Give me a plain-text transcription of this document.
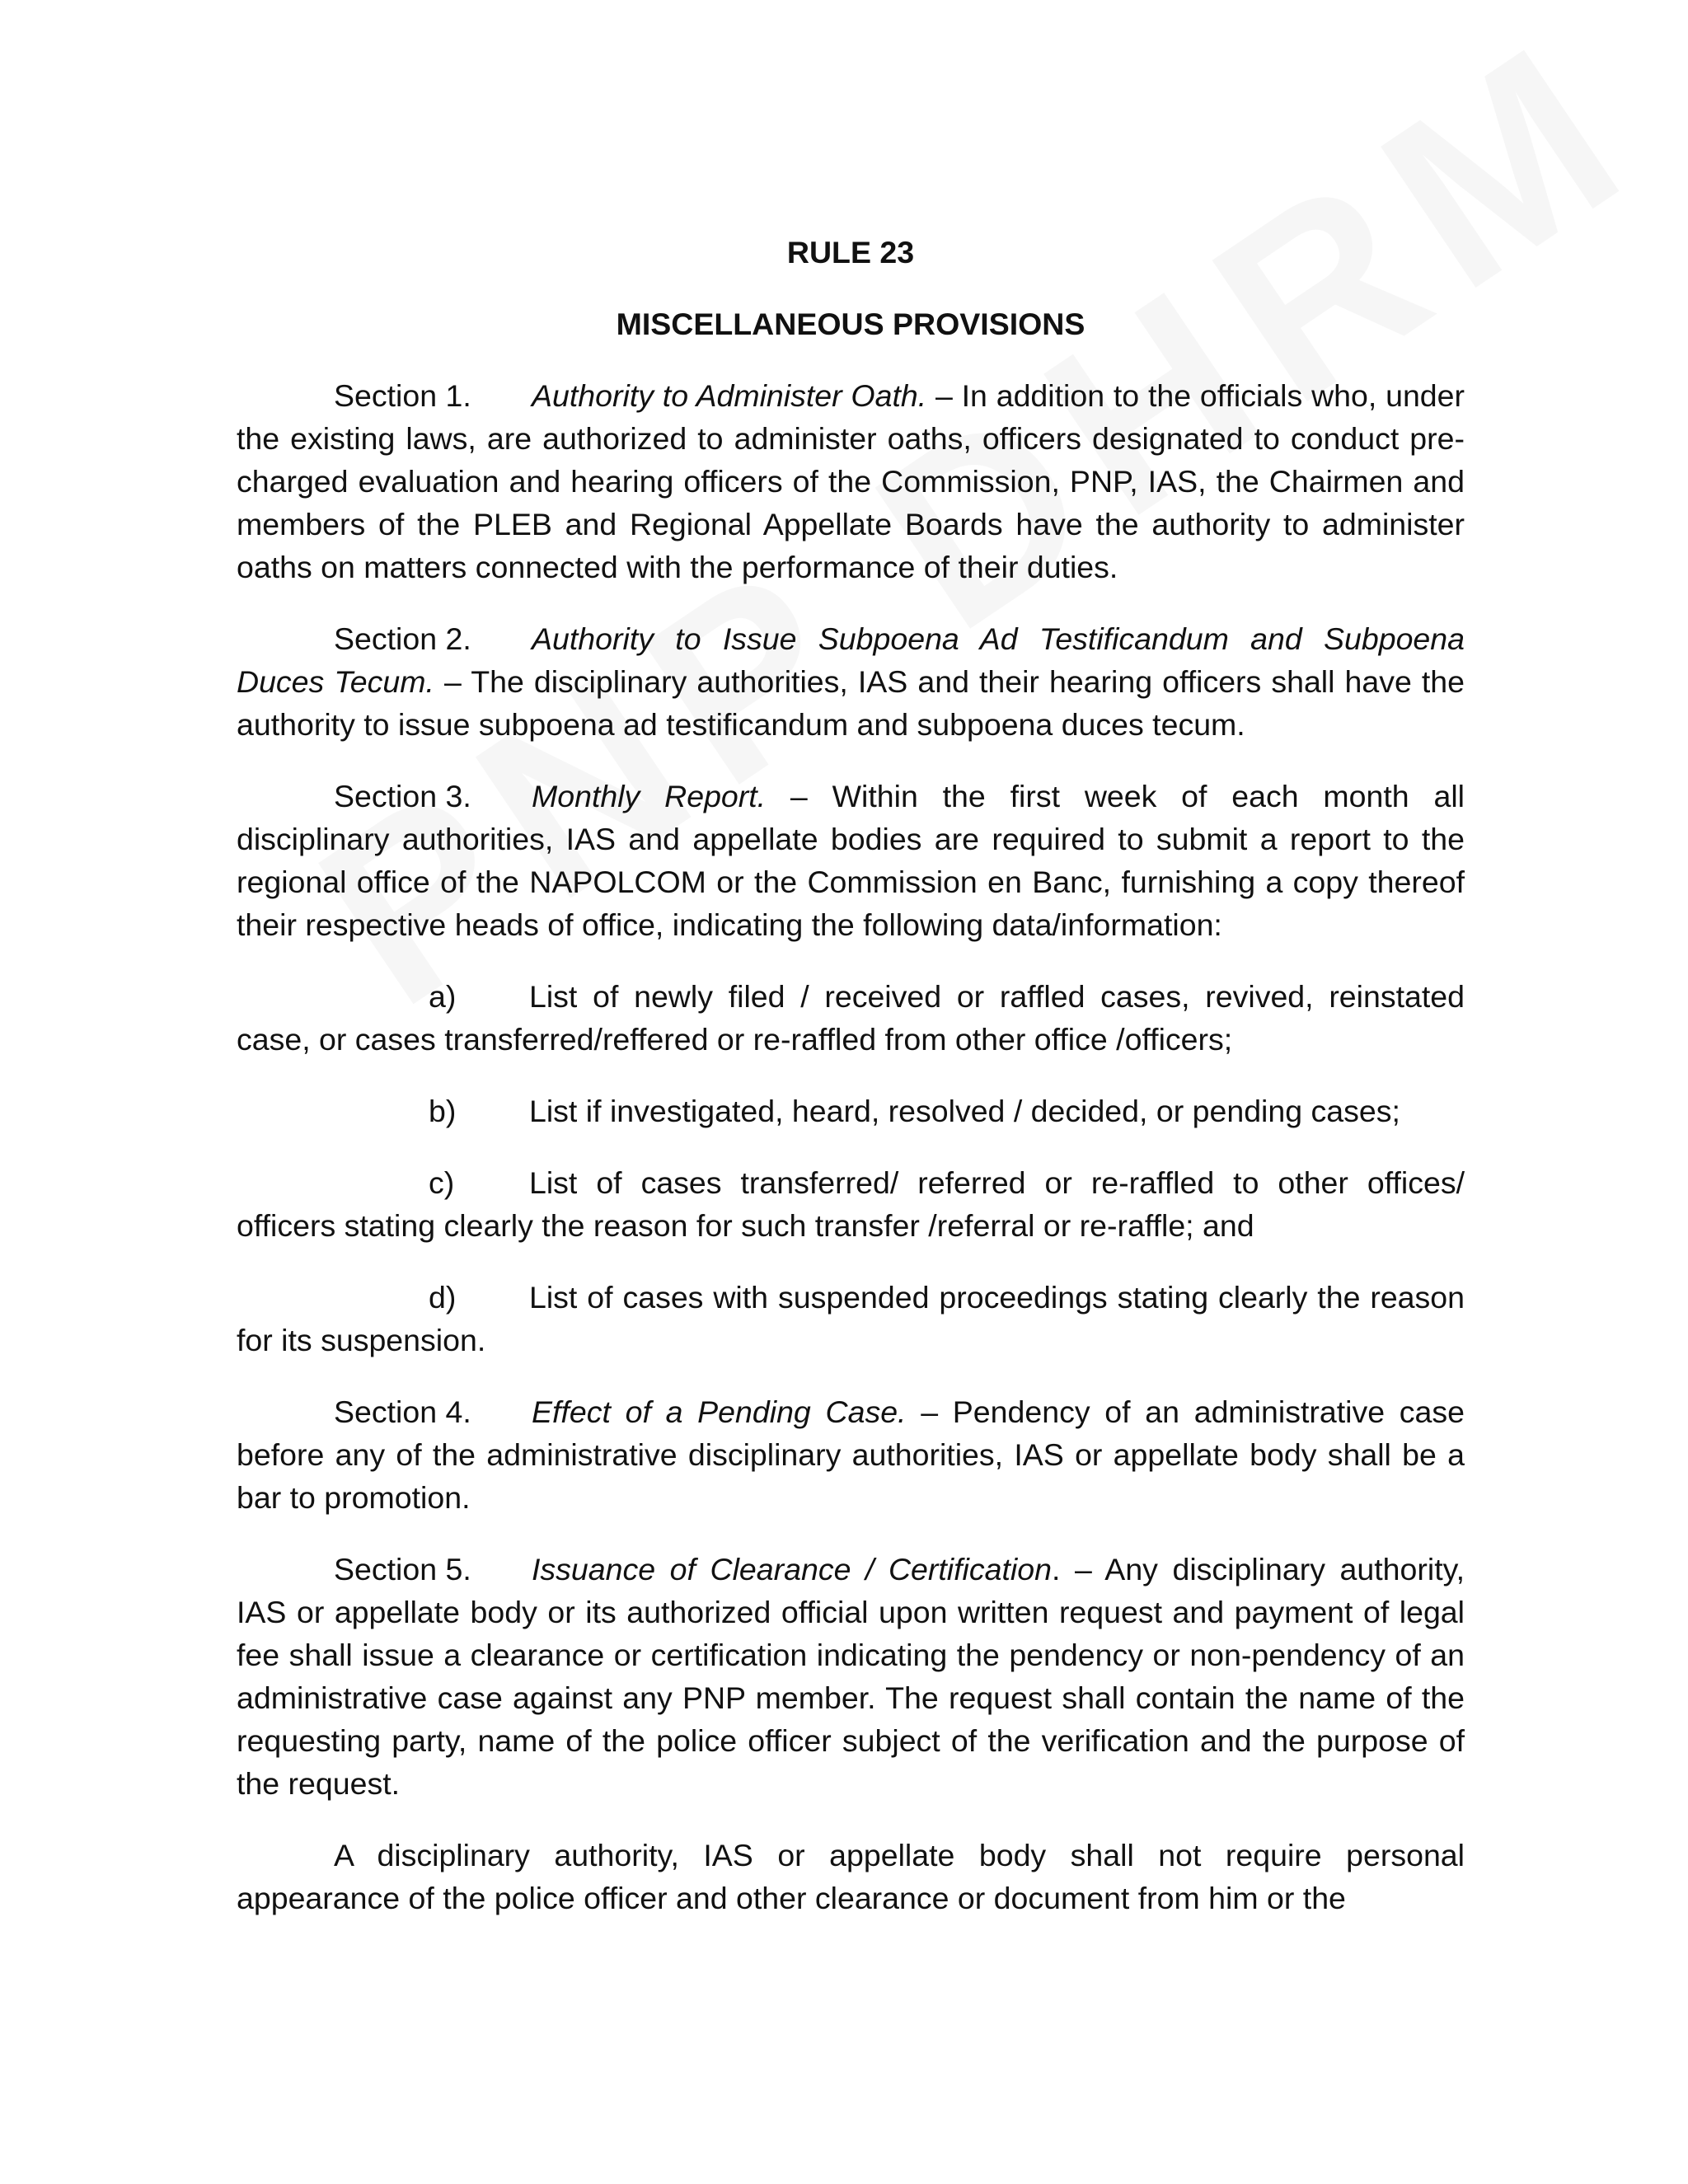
RULE 23
MISCELLANEOUS PROVISIONS

Section 1. Authority to Administer Oath. – In addition to the officials who, under the existing laws, are authorized to administer oaths, officers designated to conduct pre-charged evaluation and hearing officers of the Commission, PNP, IAS, the Chairmen and members of the PLEB and Regional Appellate Boards have the authority to administer oaths on matters connected with the performance of their duties.

Section 2. Authority to Issue Subpoena Ad Testificandum and Subpoena Duces Tecum. – The disciplinary authorities, IAS and their hearing officers shall have the authority to issue subpoena ad testificandum and subpoena duces tecum.

Section 3. Monthly Report. – Within the first week of each month all disciplinary authorities, IAS and appellate bodies are required to submit a report to the regional office of the NAPOLCOM or the Commission en Banc, furnishing a copy thereof their respective heads of office, indicating the following data/information:

a) List of newly filed / received or raffled cases, revived, reinstated case, or cases transferred/reffered or re-raffled from other office /officers;

b) List if investigated, heard, resolved / decided, or pending cases;

c) List of cases transferred/ referred or re-raffled to other offices/ officers stating clearly the reason for such transfer /referral or re-raffle; and

d) List of cases with suspended proceedings stating clearly the reason for its suspension.

Section 4. Effect of a Pending Case. – Pendency of an administrative case before any of the administrative disciplinary authorities, IAS or appellate body shall be a bar to promotion.

Section 5. Issuance of Clearance / Certification. – Any disciplinary authority, IAS or appellate body or its authorized official upon written request and payment of legal fee shall issue a clearance or certification indicating the pendency or non-pendency of an administrative case against any PNP member. The request shall contain the name of the requesting party, name of the police officer subject of the verification and the purpose of the request.

A disciplinary authority, IAS or appellate body shall not require personal appearance of the police officer and other clearance or document from him or the
